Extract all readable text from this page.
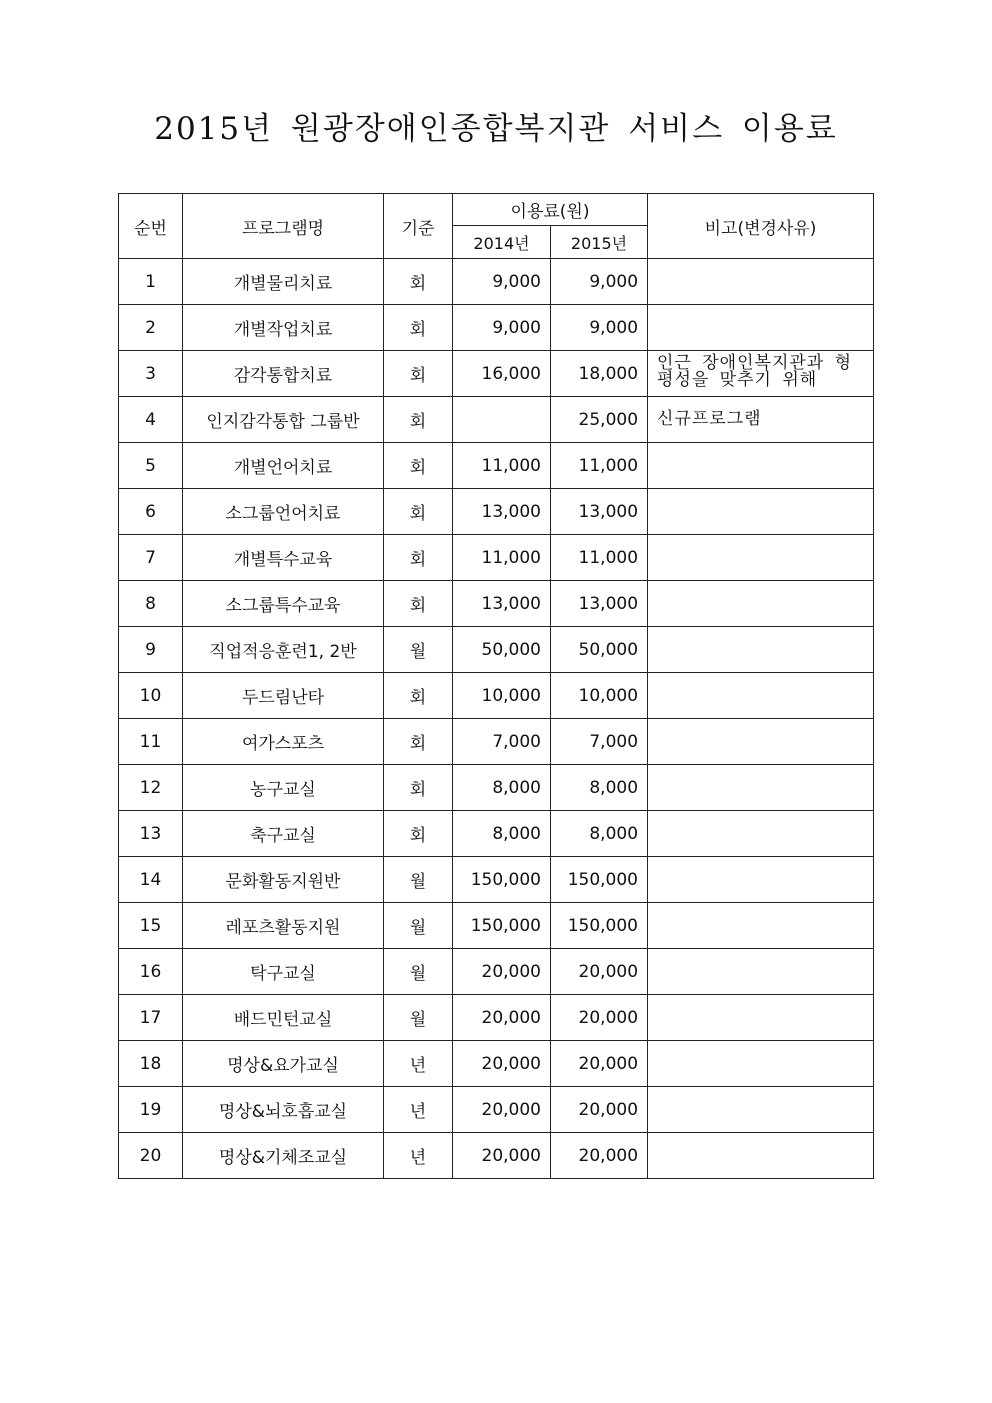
2015년 원광장애인종합복지관 서비스 이용료
순번	프로그램명	기준	이용료(원)		비고(변경사유)
			2014년	2015년	
1	개별물리치료	회	9,000	9,000	
2	개별작업치료	회	9,000	9,000	
3	감각통합치료	회	16,000	18,000	인근 장애인복지관과 형평성을 맞추기 위해
4	인지감각통합 그룹반	회		25,000	신규프로그램
5	개별언어치료	회	11,000	11,000	
6	소그룹언어치료	회	13,000	13,000	
7	개별특수교육	회	11,000	11,000	
8	소그룹특수교육	회	13,000	13,000	
9	직업적응훈련1, 2반	월	50,000	50,000	
10	두드림난타	회	10,000	10,000	
11	여가스포츠	회	7,000	7,000	
12	농구교실	회	8,000	8,000	
13	축구교실	회	8,000	8,000	
14	문화활동지원반	월	150,000	150,000	
15	레포츠활동지원	월	150,000	150,000	
16	탁구교실	월	20,000	20,000	
17	배드민턴교실	월	20,000	20,000	
18	명상&요가교실	년	20,000	20,000	
19	명상&뇌호흡교실	년	20,000	20,000	
20	명상&기체조교실	년	20,000	20,000	
